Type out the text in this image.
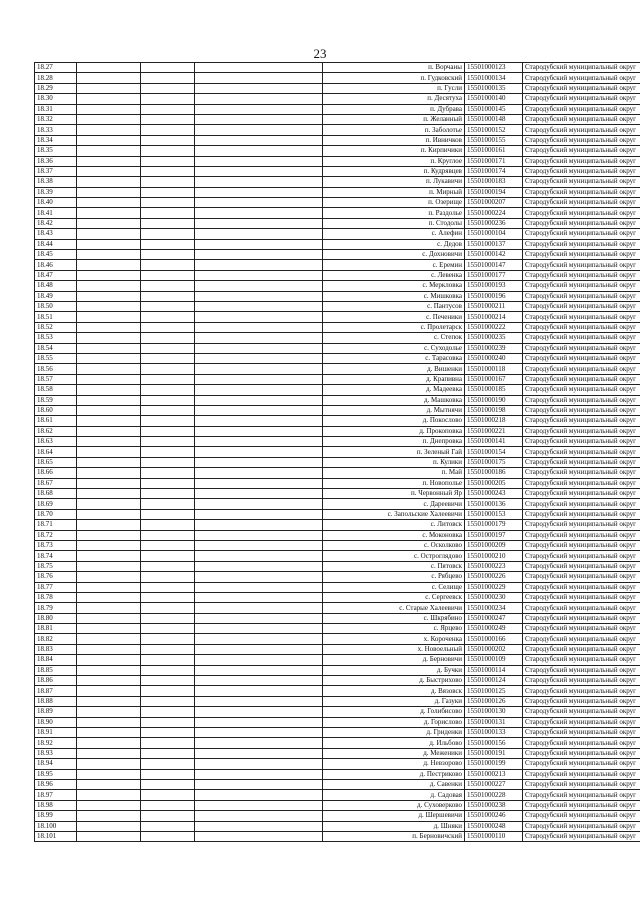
23
18.27				п. Ворчаны	15501000123	Стародубский муниципальный округ
18.28				п. Гудковский	15501000134	Стародубский муниципальный округ
18.29				п. Гусли	15501000135	Стародубский муниципальный округ
18.30				п. Десятуха	15501000140	Стародубский муниципальный округ
18.31				п. Дубрава	15501000145	Стародубский муниципальный округ
18.32				п. Желанный	15501000148	Стародубский муниципальный округ
18.33				п. Заболотье	15501000152	Стародубский муниципальный округ
18.34				п. Ивничков	15501000155	Стародубский муниципальный округ
18.35				п. Кирпичики	15501000161	Стародубский муниципальный округ
18.36				п. Круглое	15501000171	Стародубский муниципальный округ
18.37				п. Кудрявцев	15501000174	Стародубский муниципальный округ
18.38				п. Лукавичи	15501000183	Стародубский муниципальный округ
18.39				п. Мирный	15501000194	Стародубский муниципальный округ
18.40				п. Озерище	15501000207	Стародубский муниципальный округ
18.41				п. Раздолье	15501000224	Стародубский муниципальный округ
18.42				п. Стодолы	15501000236	Стародубский муниципальный округ
18.43				с. Алефин	15501000104	Стародубский муниципальный округ
18.44				с. Дедов	15501000137	Стародубский муниципальный округ
18.45				с. Дохновичи	15501000142	Стародубский муниципальный округ
18.46				с. Еремин	15501000147	Стародубский муниципальный округ
18.47				с. Левенка	15501000177	Стародубский муниципальный округ
18.48				с. Меркловка	15501000193	Стародубский муниципальный округ
18.49				с. Мишковка	15501000196	Стародубский муниципальный округ
18.50				с. Пантусов	15501000211	Стародубский муниципальный округ
18.51				с. Печеники	15501000214	Стародубский муниципальный округ
18.52				с. Пролетарск	15501000222	Стародубский муниципальный округ
18.53				с. Степок	15501000235	Стародубский муниципальный округ
18.54				с. Суходолье	15501000239	Стародубский муниципальный округ
18.55				с. Тарасовка	15501000240	Стародубский муниципальный округ
18.56				д. Вишенки	15501000118	Стародубский муниципальный округ
18.57				д. Крапивна	15501000167	Стародубский муниципальный округ
18.58				д. Мадеевка	15501000185	Стародубский муниципальный округ
18.59				д. Машковка	15501000190	Стародубский муниципальный округ
18.60				д. Мытнячи	15501000198	Стародубский муниципальный округ
18.61				д. Покослово	15501000218	Стародубский муниципальный округ
18.62				д. Прокоповка	15501000221	Стародубский муниципальный округ
18.63				п. Днепровка	15501000141	Стародубский муниципальный округ
18.64				п. Зеленый Гай	15501000154	Стародубский муниципальный округ
18.65				п. Кулики	15501000175	Стародубский муниципальный округ
18.66				п. Май	15501000186	Стародубский муниципальный округ
18.67				п. Новополье	15501000205	Стародубский муниципальный округ
18.68				п. Червонный Яр	15501000243	Стародубский муниципальный округ
18.69				с. Дареевичи	15501000136	Стародубский муниципальный округ
18.70				с. Запольские Халеевичи	15501000153	Стародубский муниципальный округ
18.71				с. Литовск	15501000179	Стародубский муниципальный округ
18.72				с. Моконовка	15501000197	Стародубский муниципальный округ
18.73				с. Осколково	15501000209	Стародубский муниципальный округ
18.74				с. Остроглядово	15501000210	Стародубский муниципальный округ
18.75				с. Пятовск	15501000223	Стародубский муниципальный округ
18.76				с. Рябцево	15501000226	Стародубский муниципальный округ
18.77				с. Селище	15501000229	Стародубский муниципальный округ
18.78				с. Сергеевск	15501000230	Стародубский муниципальный округ
18.79				с. Старые Халеевичи	15501000234	Стародубский муниципальный округ
18.80				с. Шкрябино	15501000247	Стародубский муниципальный округ
18.81				с. Ярцево	15501000249	Стародубский муниципальный округ
18.82				х. Короченка	15501000166	Стародубский муниципальный округ
18.83				х. Новоельный	15501000202	Стародубский муниципальный округ
18.84				д. Берновичи	15501000109	Стародубский муниципальный округ
18.85				д. Бучки	15501000114	Стародубский муниципальный округ
18.86				д. Быстрихово	15501000124	Стародубский муниципальный округ
18.87				д. Вязовск	15501000125	Стародубский муниципальный округ
18.88				д. Газуки	15501000126	Стародубский муниципальный округ
18.89				д. Голибисово	15501000130	Стародубский муниципальный округ
18.90				д. Горислово	15501000131	Стародубский муниципальный округ
18.91				д. Гриденки	15501000133	Стародубский муниципальный округ
18.92				д. Ильбово	15501000156	Стародубский муниципальный округ
18.93				д. Меженики	15501000191	Стародубский муниципальный округ
18.94				д. Невзорово	15501000199	Стародубский муниципальный округ
18.95				д. Пестриково	15501000213	Стародубский муниципальный округ
18.96				д. Савенки	15501000227	Стародубский муниципальный округ
18.97				д. Садовая	15501000228	Стародубский муниципальный округ
18.98				д. Суховерково	15501000238	Стародубский муниципальный округ
18.99				д. Шершевичи	15501000246	Стародубский муниципальный округ
18.100				д. Шняки	15501000248	Стародубский муниципальный округ
18.101				п. Берновичский	15501000110	Стародубский муниципальный округ
